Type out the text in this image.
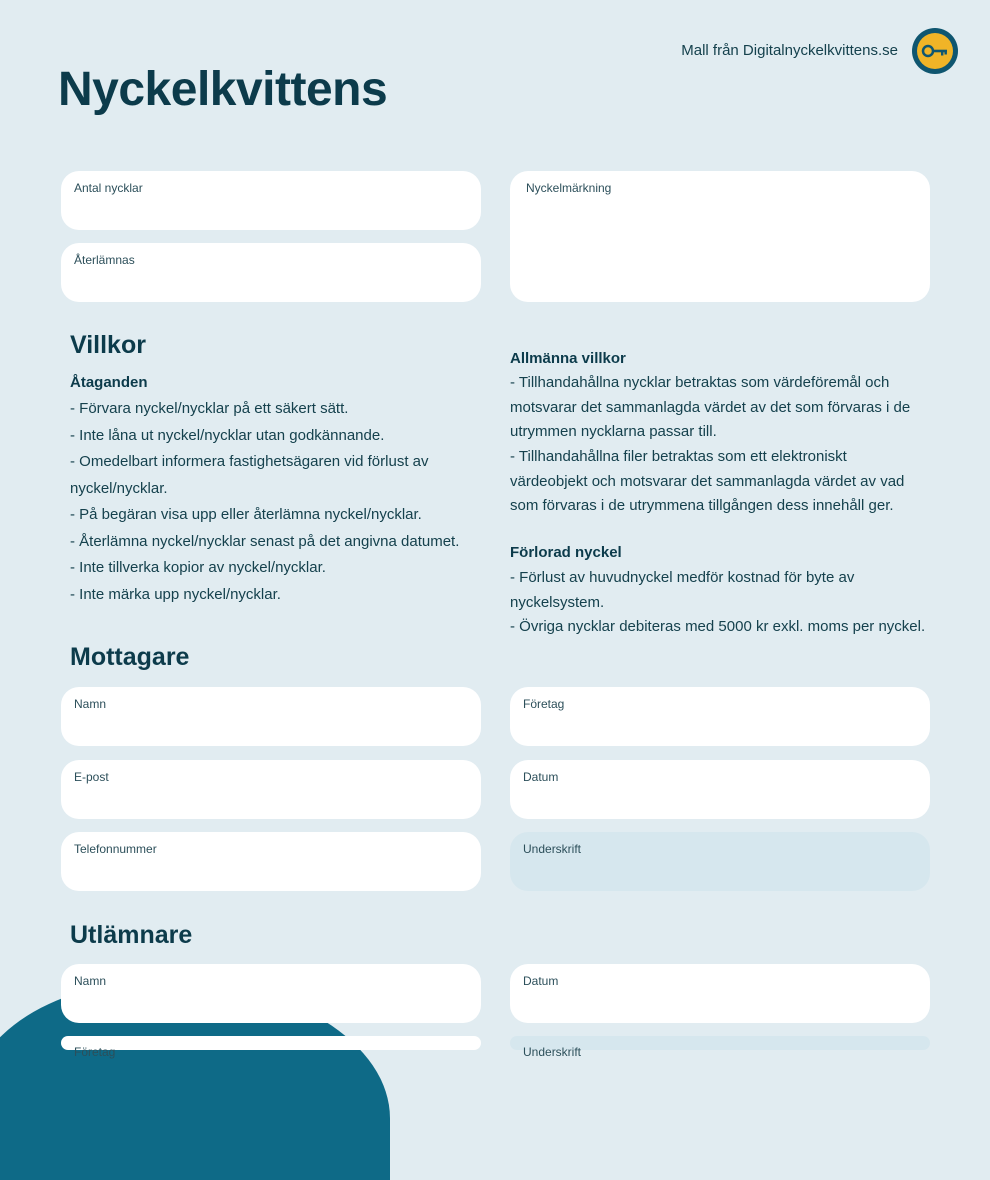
Mall från Digitalnyckelkvittens.se
Nyckelkvittens
Antal nycklar
Återlämnas
Nyckelmärkning
Villkor
Åtaganden
- Förvara nyckel/nycklar på ett säkert sätt.
- Inte låna ut nyckel/nycklar utan godkännande.
- Omedelbart informera fastighetsägaren vid förlust av
nyckel/nycklar.
- På begäran visa upp eller återlämna nyckel/nycklar.
- Återlämna nyckel/nycklar senast på det angivna datumet.
- Inte tillverka kopior av nyckel/nycklar.
- Inte märka upp nyckel/nycklar.
Allmänna villkor

- Tillhandahållna nycklar betraktas som värdeföremål och motsvarar det sammanlagda värdet av det som förvaras i de utrymmen nycklarna passar till.

- Tillhandahållna filer betraktas som ett elektroniskt värdeobjekt och motsvarar det sammanlagda värdet av vad som förvaras i de utrymmena tillgången dess innehåll ger.

Förlorad nyckel

- Förlust av huvudnyckel medför kostnad för byte av nyckelsystem.

- Övriga nycklar debiteras med 5000 kr exkl. moms per nyckel.

Mottagare
Namn	Företag
E-post	Datum
Telefonnummer	Underskrift
Utlämnare
Namn	Datum
Företag	Underskrift
